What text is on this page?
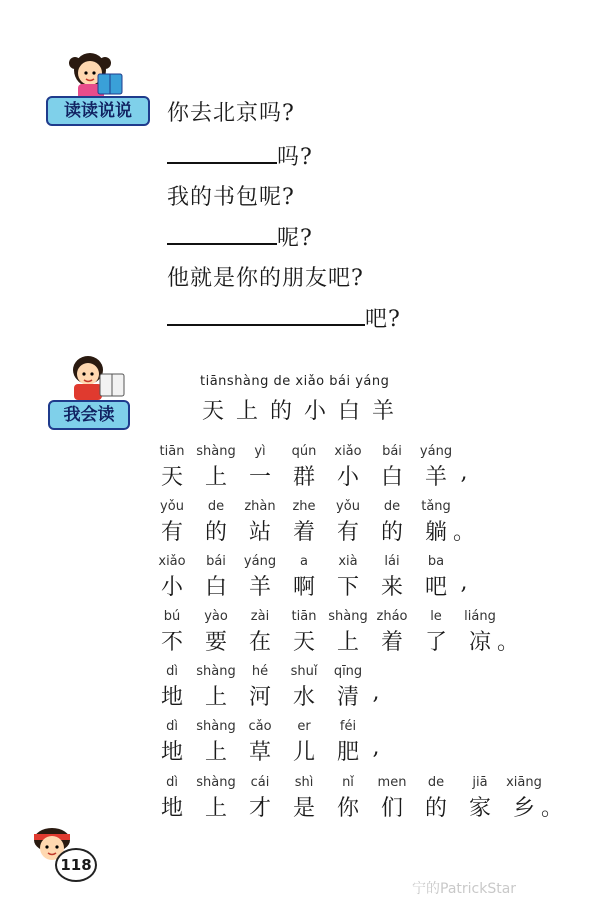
读读说说	你去北京吗?
吗?
我的书包呢?
呢?
他就是你的朋友吧?
吧?
我会读
tiānshàng de xiǎo bái yáng
天上的小白羊
tiān shàng	yì	qún	xiǎo	bái	yáng
天 上 一 群 小 白 羊 ,
yǒu	de	zhàn	zhe	yǒu	de	tǎng
有 的 站 着 有 的 躺 。
xiǎo	bái	yáng	a	xià	lái	ba
小 白 羊 啊 下 来 吧 ,
bú	yào	zài	tiān shàng zháo	le	liáng
不 要 在 天 上 着 了 凉 。
dì	shàng	hé	shuǐ	qīng
地 上 河 水 清 ,
dì	shàng cǎo	er	féi
地 上 草 儿 肥 ,
dì	shàng	cái	shì	nǐ	men	de	jiā	xiāng
地 上 才 是 你 们 的 家 乡 。
118
宁的PatrickStar
